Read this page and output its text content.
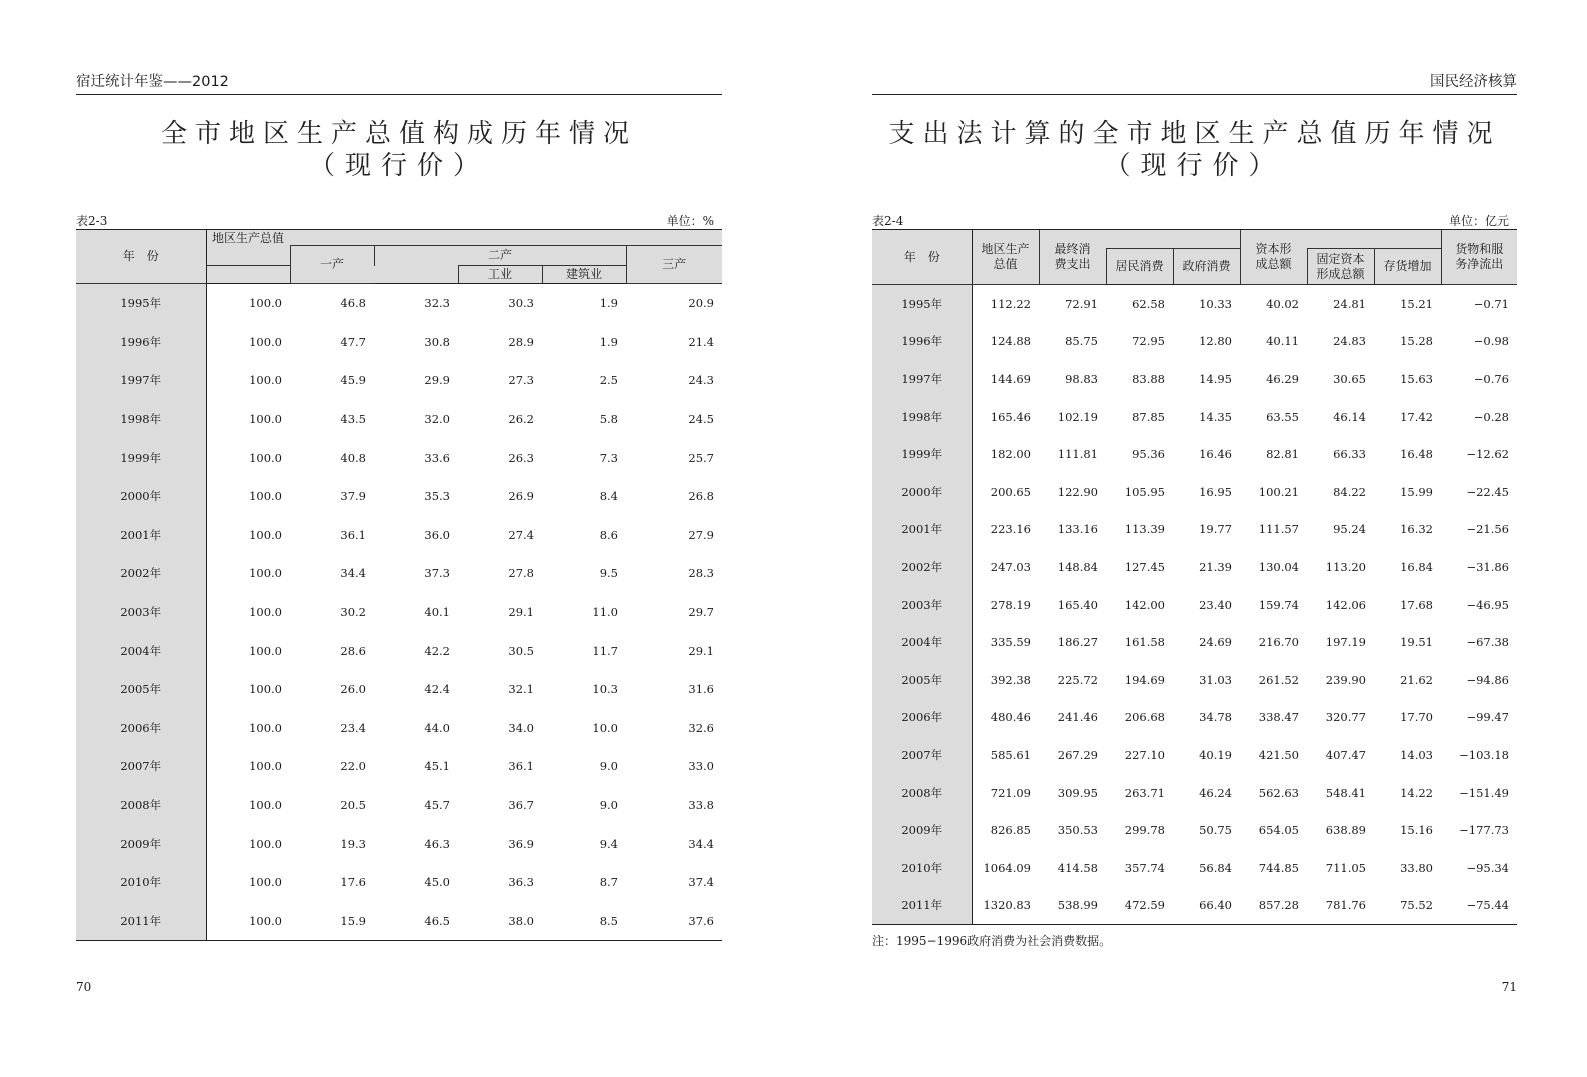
宿迁统计年鉴——2012
全市地区生产总值构成历年情况
（现行价）
表2-3	单位：%
年　份	地区生产总值					
		一产	二产			三产
				工业	建筑业	
1995年	100.0	46.8	32.3	30.3	1.9	20.9
1996年	100.0	47.7	30.8	28.9	1.9	21.4
1997年	100.0	45.9	29.9	27.3	2.5	24.3
1998年	100.0	43.5	32.0	26.2	5.8	24.5
1999年	100.0	40.8	33.6	26.3	7.3	25.7
2000年	100.0	37.9	35.3	26.9	8.4	26.8
2001年	100.0	36.1	36.0	27.4	8.6	27.9
2002年	100.0	34.4	37.3	27.8	9.5	28.3
2003年	100.0	30.2	40.1	29.1	11.0	29.7
2004年	100.0	28.6	42.2	30.5	11.7	29.1
2005年	100.0	26.0	42.4	32.1	10.3	31.6
2006年	100.0	23.4	44.0	34.0	10.0	32.6
2007年	100.0	22.0	45.1	36.1	9.0	33.0
2008年	100.0	20.5	45.7	36.7	9.0	33.8
2009年	100.0	19.3	46.3	36.9	9.4	34.4
2010年	100.0	17.6	45.0	36.3	8.7	37.4
2011年	100.0	15.9	46.5	38.0	8.5	37.6
70
国民经济核算
支出法计算的全市地区生产总值历年情况
（现行价）
表2-4	单位：亿元
年　份	地区生产总值	最终消费支出			资本形成总额			货物和服务净流出
			居民消费	政府消费		固定资本形成总额	存货增加	
1995年	112.22	72.91	62.58	10.33	40.02	24.81	15.21	−0.71
1996年	124.88	85.75	72.95	12.80	40.11	24.83	15.28	−0.98
1997年	144.69	98.83	83.88	14.95	46.29	30.65	15.63	−0.76
1998年	165.46	102.19	87.85	14.35	63.55	46.14	17.42	−0.28
1999年	182.00	111.81	95.36	16.46	82.81	66.33	16.48	−12.62
2000年	200.65	122.90	105.95	16.95	100.21	84.22	15.99	−22.45
2001年	223.16	133.16	113.39	19.77	111.57	95.24	16.32	−21.56
2002年	247.03	148.84	127.45	21.39	130.04	113.20	16.84	−31.86
2003年	278.19	165.40	142.00	23.40	159.74	142.06	17.68	−46.95
2004年	335.59	186.27	161.58	24.69	216.70	197.19	19.51	−67.38
2005年	392.38	225.72	194.69	31.03	261.52	239.90	21.62	−94.86
2006年	480.46	241.46	206.68	34.78	338.47	320.77	17.70	−99.47
2007年	585.61	267.29	227.10	40.19	421.50	407.47	14.03	−103.18
2008年	721.09	309.95	263.71	46.24	562.63	548.41	14.22	−151.49
2009年	826.85	350.53	299.78	50.75	654.05	638.89	15.16	−177.73
2010年	1064.09	414.58	357.74	56.84	744.85	711.05	33.80	−95.34
2011年	1320.83	538.99	472.59	66.40	857.28	781.76	75.52	−75.44
注：1995−1996政府消费为社会消费数据。
71
